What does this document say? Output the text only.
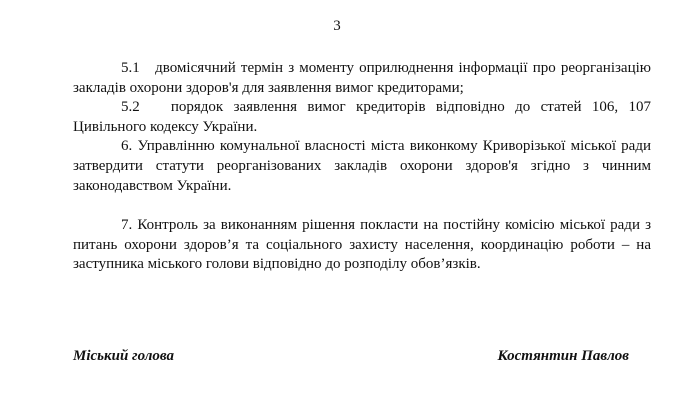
3

5.1   двомісячний термін з моменту оприлюднення інформації про реорганізацію  закладів охорони здоров'я для заявлення вимог кредиторами;

5.2   порядок заявлення вимог кредиторів відповідно до статей 106, 107 Цивільного кодексу України.

6. Управлінню комунальної власності міста виконкому Криворізької міської ради  затвердити статути реорганізованих закладів охорони здоров'я згідно з чинним законодавством України.

7. Контроль за виконанням рішення покласти на постійну комісію міської ради з питань охорони здоров’я та соціального захисту населення, координацію роботи – на  заступника міського голови відповідно до розподілу обов’язків.

Міський голова	Костянтин Павлов
